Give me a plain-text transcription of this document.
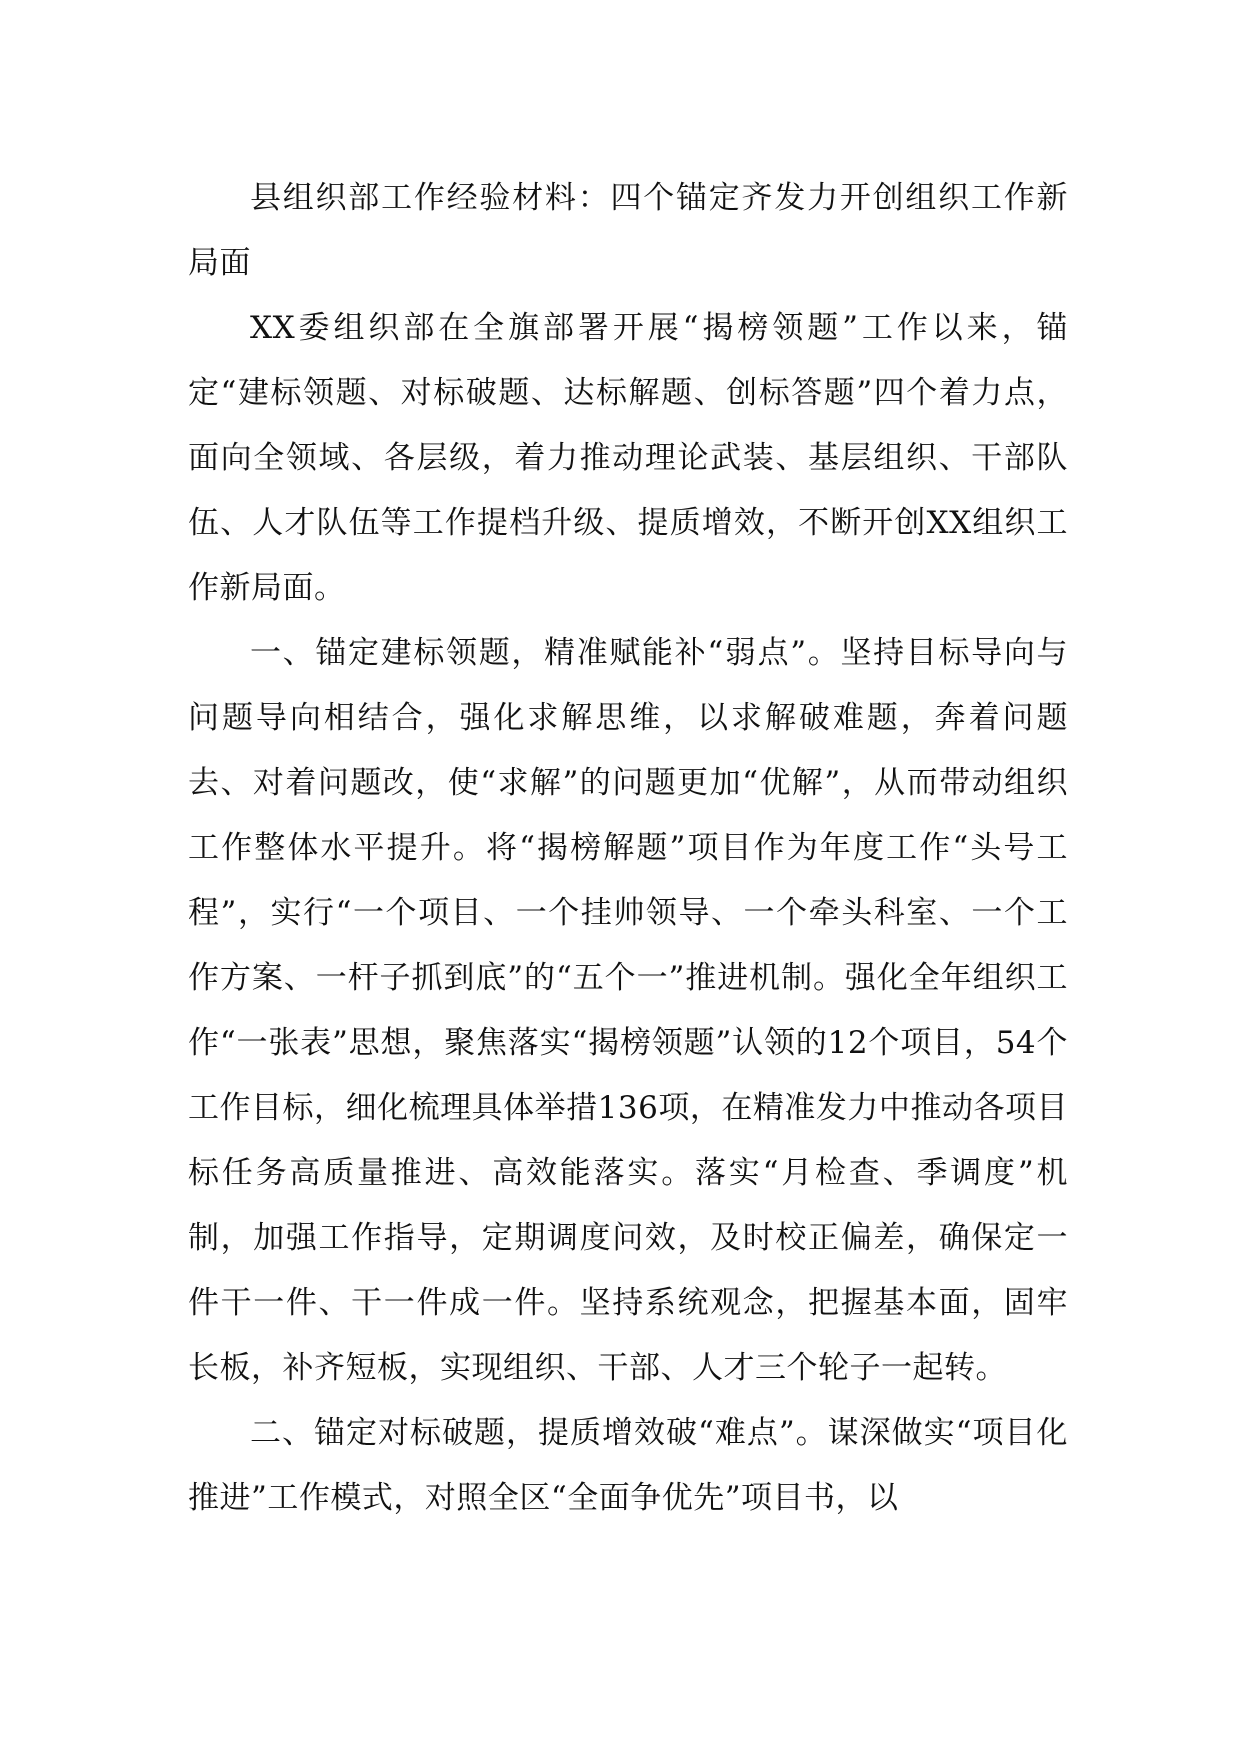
县组织部工作经验材料：四个锚定齐发力开创组织工作新局面

XX委组织部在全旗部署开展“揭榜领题”工作以来，锚定“建标领题、对标破题、达标解题、创标答题”四个着力点，面向全领域、各层级，着力推动理论武装、基层组织、干部队伍、人才队伍等工作提档升级、提质增效，不断开创XX组织工作新局面。

一、锚定建标领题，精准赋能补“弱点”。坚持目标导向与问题导向相结合，强化求解思维，以求解破难题，奔着问题去、对着问题改，使“求解”的问题更加“优解”，从而带动组织工作整体水平提升。将“揭榜解题”项目作为年度工作“头号工程”，实行“一个项目、一个挂帅领导、一个牵头科室、一个工作方案、一杆子抓到底”的“五个一”推进机制。强化全年组织工作“一张表”思想，聚焦落实“揭榜领题”认领的12个项目，54个工作目标，细化梳理具体举措136项，在精准发力中推动各项目标任务高质量推进、高效能落实。落实“月检查、季调度”机制，加强工作指导，定期调度问效，及时校正偏差，确保定一件干一件、干一件成一件。坚持系统观念，把握基本面，固牢长板，补齐短板，实现组织、干部、人才三个轮子一起转。

二、锚定对标破题，提质增效破“难点”。谋深做实“项目化推进”工作模式，对照全区“全面争优先”项目书，以
